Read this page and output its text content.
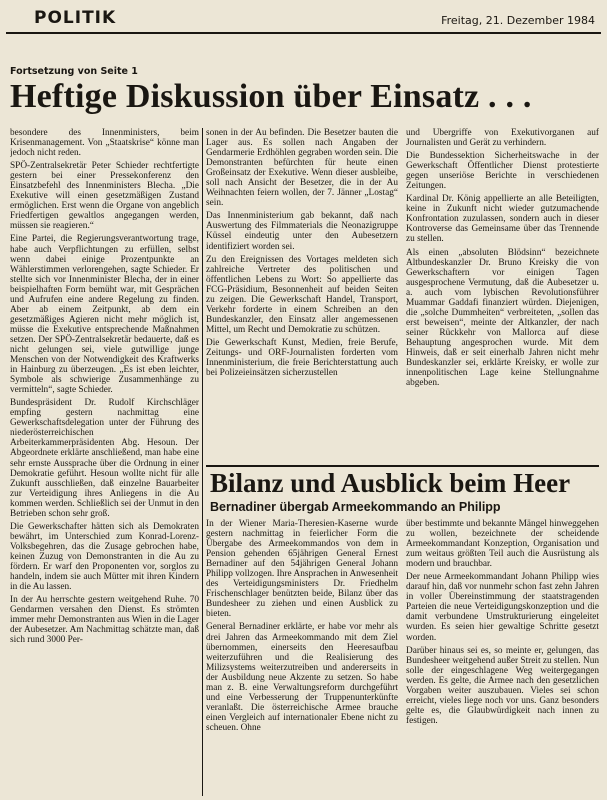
POLITIK	Freitag, 21. Dezember 1984
Fortsetzung von Seite 1
Heftige Diskussion über Einsatz . . .

besondere des Innenministers, beim Krisenmanagement. Von „Staatskrise“ könne man jedoch nicht reden.

SPÖ-Zentralsekretär Peter Schieder rechtfertigte gestern bei einer Pressekonferenz den Einsatzbefehl des Innenministers Blecha. „Die Exekutive will einen gesetzmäßigen Zustand ermöglichen. Erst wenn die Organe von angeblich Friedfertigen gewaltlos angegangen werden, müssen sie reagieren.“

Eine Partei, die Regierungsverantwortung trage, habe auch Verpflichtungen zu erfüllen, selbst wenn dabei einige Prozentpunkte an Wählerstimmen verlorengehen, sagte Schieder. Er stellte sich vor Innenminister Blecha, der in einer beispielhaften Form bemüht war, mit Gesprächen und Aufrufen eine andere Regelung zu finden. Aber ab einem Zeitpunkt, ab dem ein gesetzmäßiges Agieren nicht mehr möglich ist, müsse die Exekutive entsprechende Maßnahmen setzen. Der SPÖ-Zentralsekretär bedauerte, daß es nicht gelungen sei, viele gutwillige junge Menschen von der Notwendigkeit des Kraftwerks in Hainburg zu überzeugen. „Es ist eben leichter, Symbole als schwierige Zusammenhänge zu vermitteln“, sagte Schieder.

Bundespräsident Dr. Rudolf Kirchschläger empfing gestern nachmittag eine Gewerkschaftsdelegation unter der Führung des niederösterreichischen Arbeiterkammerpräsidenten Abg. Hesoun. Der Abgeordnete erklärte anschließend, man habe eine sehr ernste Aussprache über die Ordnung in einer Demokratie geführt. Hesoun wollte nicht für alle Zukunft ausschließen, daß einzelne Bauarbeiter zur Verteidigung ihres Anliegens in die Au kommen werden. Schließlich sei der Unmut in den Betrieben schon sehr groß.

Die Gewerkschafter hätten sich als Demokraten bewährt, im Unterschied zum Konrad-Lorenz-Volksbegehren, das die Zusage gebrochen habe, keinen Zuzug von Demonstranten in die Au zu fördern. Er warf den Proponenten vor, sorglos zu handeln, indem sie auch Mütter mit ihren Kindern in die Au lassen.

In der Au herrschte gestern weitgehend Ruhe. 70 Gendarmen versahen den Dienst. Es strömten immer mehr Demonstranten aus Wien in die Lager der Aubesetzer. Am Nachmittag schätzte man, daß sich rund 3000 Per-

sonen in der Au befinden. Die Besetzer bauten die Lager aus. Es sollen nach Angaben der Gendarmerie Erdhöhlen gegraben worden sein. Die Demonstranten befürchten für heute einen Großeinsatz der Exekutive. Wenn dieser ausbleibe, soll nach Ansicht der Besetzer, die in der Au Weihnachten feiern wollen, der 7. Jänner „Lostag“ sein.

Das Innenministerium gab bekannt, daß nach Auswertung des Filmmaterials die Neonazigruppe Küssel eindeutig unter den Aubesetzern identifiziert worden sei.

Zu den Ereignissen des Vortages meldeten sich zahlreiche Vertreter des politischen und öffentlichen Lebens zu Wort: So appellierte das FCG-Präsidium, Besonnenheit auf beiden Seiten zu zeigen. Die Gewerkschaft Handel, Transport, Verkehr forderte in einem Schreiben an den Bundeskanzler, den Einsatz aller angemessenen Mittel, um Recht und Demokratie zu schützen.

Die Gewerkschaft Kunst, Medien, freie Berufe, Zeitungs- und ORF-Journalisten forderten vom Innenministerium, die freie Berichterstattung auch bei Polizeieinsätzen sicherzustellen

und Übergriffe von Exekutivorganen auf Journalisten und Gerät zu verhindern.

Die Bundessektion Sicherheitswache in der Gewerkschaft Öffentlicher Dienst protestierte gegen unseriöse Berichte in verschiedenen Zeitungen.

Kardinal Dr. König appellierte an alle Beteiligten, keine in Zukunft nicht wieder gutzumachende Konfrontation zuzulassen, sondern auch in dieser Kontroverse das Gemeinsame über das Trennende zu stellen.

Als einen „absoluten Blödsinn“ bezeichnete Altbundeskanzler Dr. Bruno Kreisky die von Gewerkschaftern vor einigen Tagen ausgesprochene Vermutung, daß die Aubesetzer u. a. auch vom lybischen Revolutionsführer Muammar Gaddafi finanziert würden. Diejenigen, die „solche Dummheiten“ verbreiteten, „sollen das erst beweisen“, meinte der Altkanzler, der nach seiner Rückkehr von Mallorca auf diese Behauptung angesprochen wurde. Mit dem Hinweis, daß er seit einerhalb Jahren nicht mehr Bundeskanzler sei, erklärte Kreisky, er wolle zur innenpolitischen Lage keine Stellungnahme abgeben.

Bilanz und Ausblick beim Heer
Bernadiner übergab Armeekommando an Philipp

In der Wiener Maria-Theresien-Kaserne wurde gestern nachmittag in feierlicher Form die Übergabe des Armeekommandos von dem in Pension gehenden 65jährigen General Ernest Bernadiner auf den 54jährigen General Johann Philipp vollzogen. Ihre Ansprachen in Anwesenheit des Verteidigungsministers Dr. Friedhelm Frischenschlager benützten beide, Bilanz über das Bundesheer zu ziehen und einen Ausblick zu bieten.

General Bernadiner erklärte, er habe vor mehr als drei Jahren das Armeekommando mit dem Ziel übernommen, einerseits den Heeresaufbau weiterzuführen und die Realisierung des Milizsystems weiterzutreiben und andererseits in der Ausbildung neue Akzente zu setzen. So habe man z. B. eine Verwaltungsreform durchgeführt und eine Verbesserung der Truppenunterkünfte veranlaßt. Die österreichische Armee brauche einen Vergleich auf internationaler Ebene nicht zu scheuen. Ohne

über bestimmte und bekannte Mängel hinweggehen zu wollen, bezeichnete der scheidende Armeekommandant Konzeption, Organisation und zum weitaus größten Teil auch die Ausrüstung als modern und brauchbar.

Der neue Armeekommandant Johann Philipp wies darauf hin, daß vor nunmehr schon fast zehn Jahren in voller Übereinstimmung der staatstragenden Parteien die neue Verteidigungskonzeption und die damit verbundene Umstrukturierung eingeleitet wurden. Es seien hier gewaltige Schritte gesetzt worden.

Darüber hinaus sei es, so meinte er, gelungen, das Bundesheer weitgehend außer Streit zu stellen. Nun solle der eingeschlagene Weg weitergegangen werden. Es gelte, die Armee nach den gesetzlichen Vorgaben weiter auszubauen. Vieles sei schon erreicht, vieles liege noch vor uns. Ganz besonders gelte es, die Glaubwürdigkeit nach innen zu festigen.
